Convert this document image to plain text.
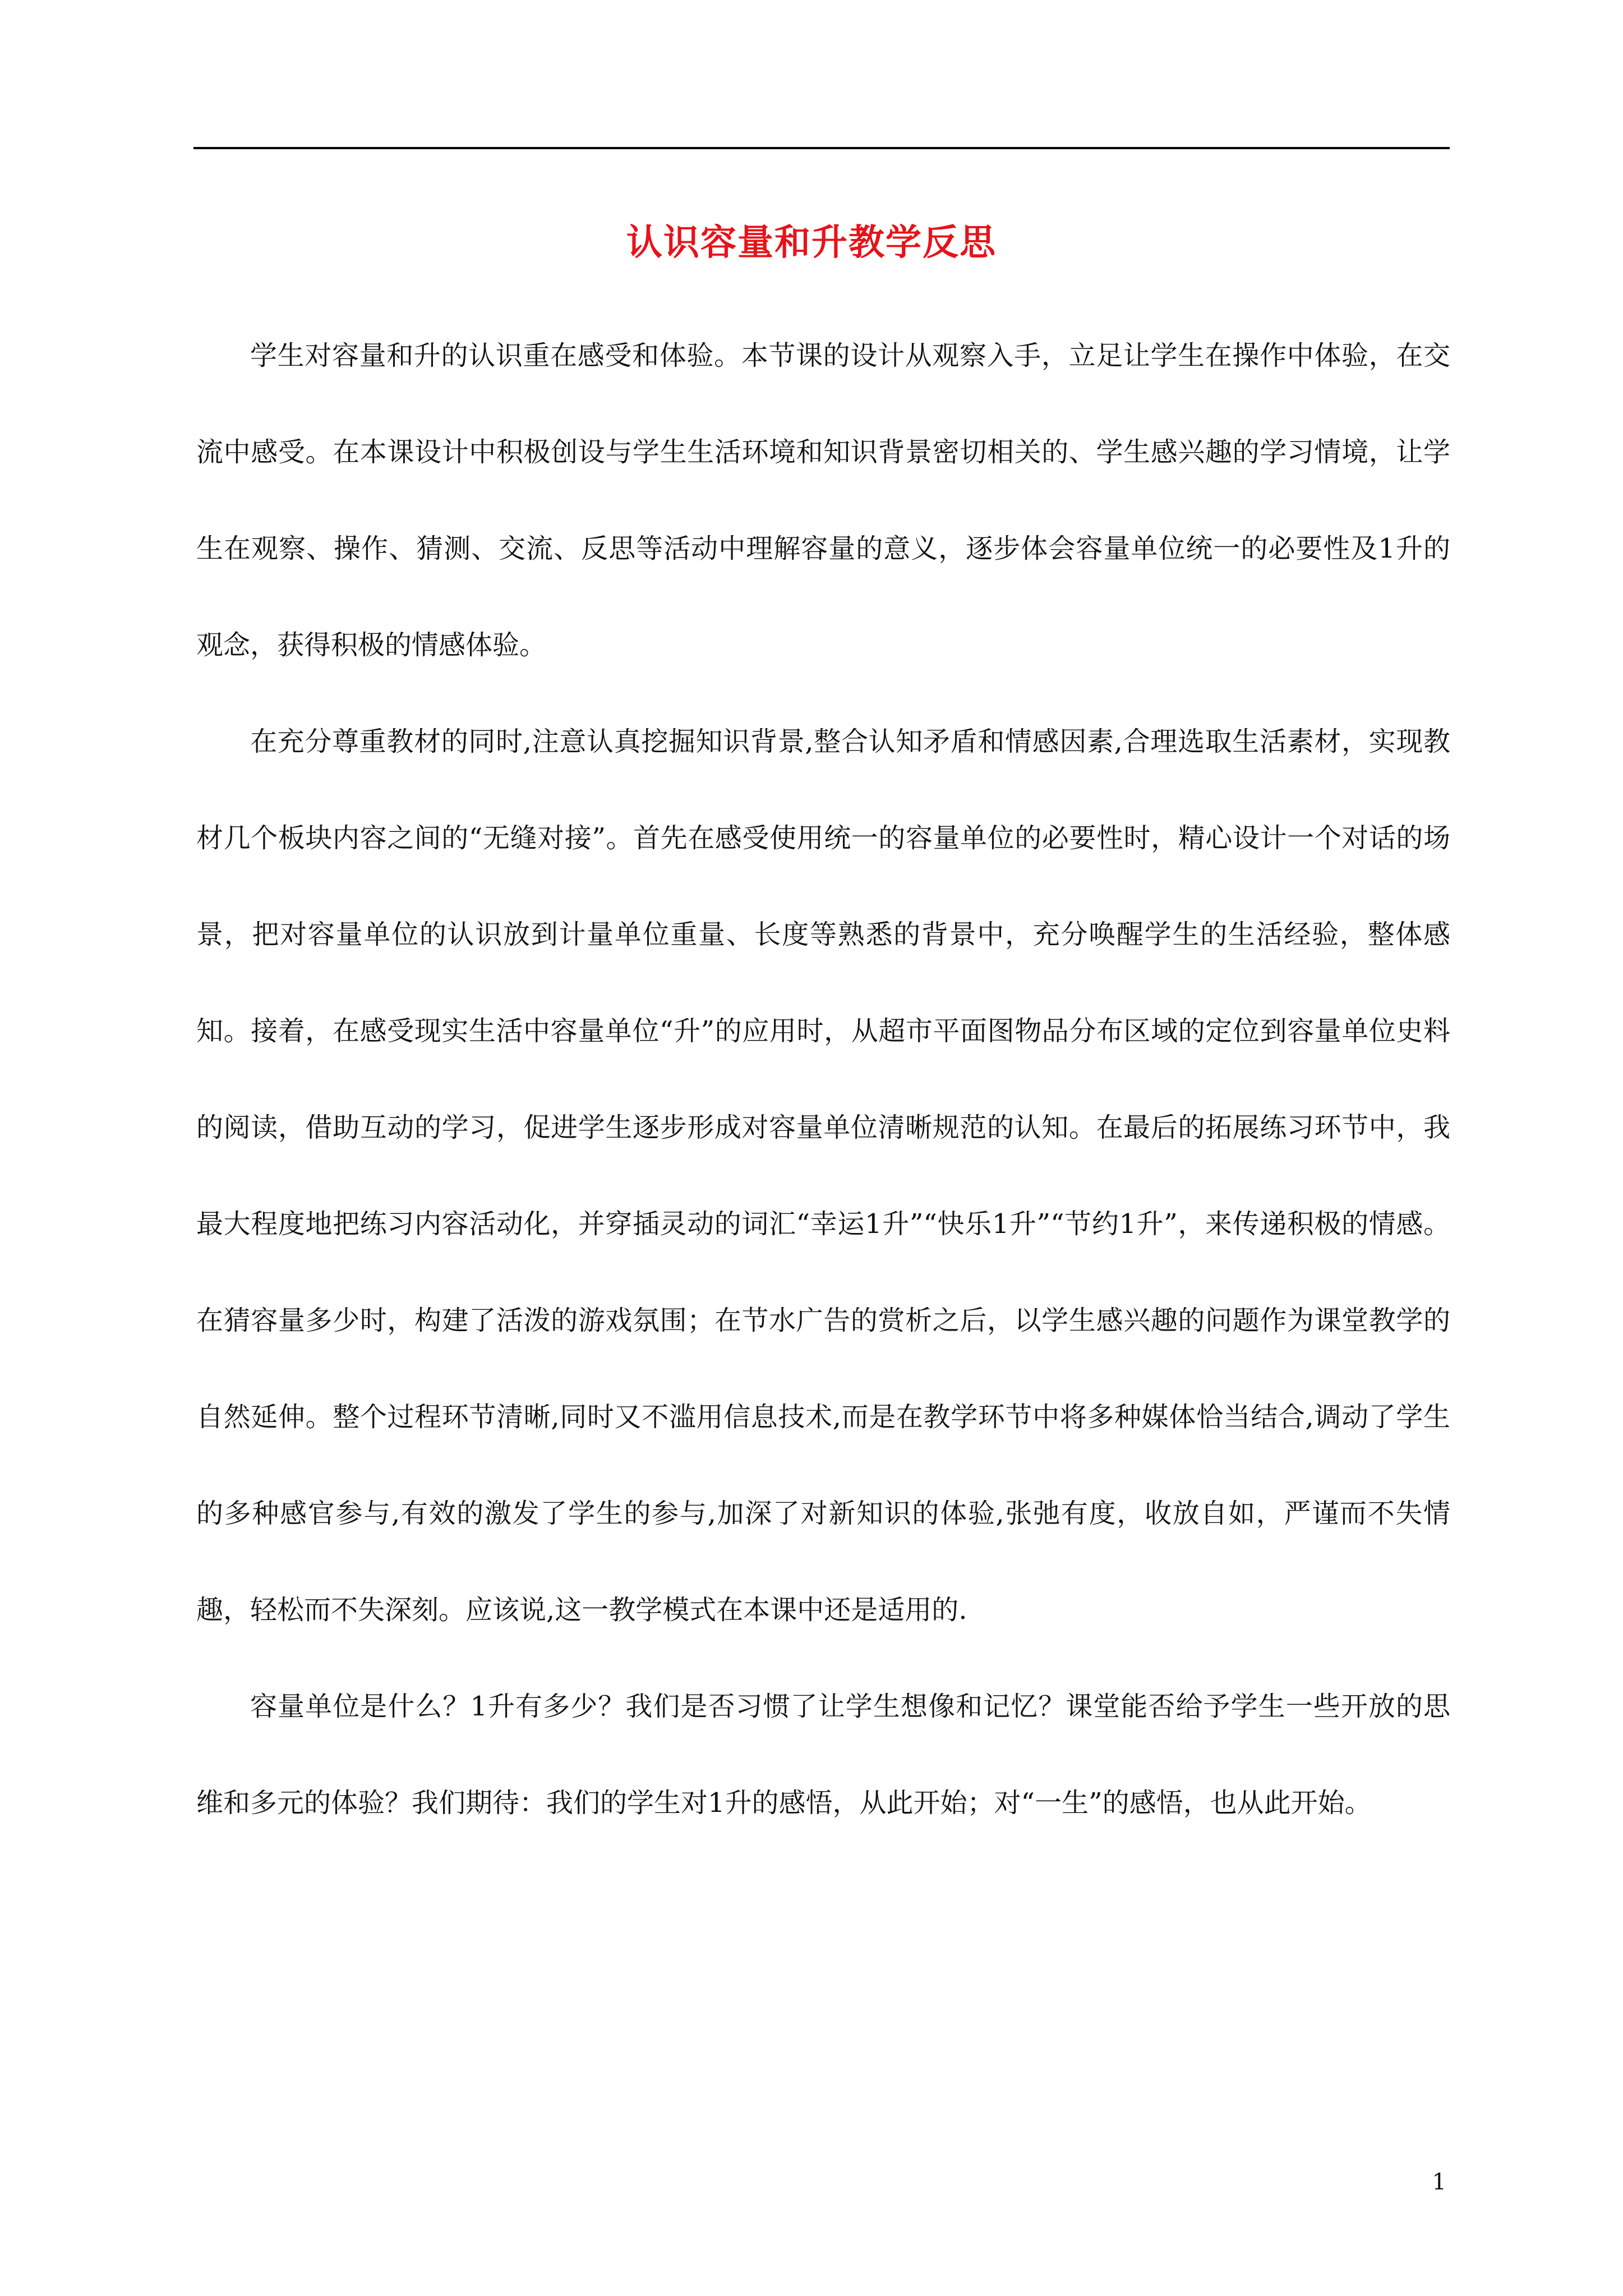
认识容量和升教学反思

学生对容量和升的认识重在感受和体验。本节课的设计从观察入手，立足让学生在操作中体验，在交流中感受。在本课设计中积极创设与学生生活环境和知识背景密切相关的、学生感兴趣的学习情境，让学生在观察、操作、猜测、交流、反思等活动中理解容量的意义，逐步体会容量单位统一的必要性及1升的观念，获得积极的情感体验。

在充分尊重教材的同时,注意认真挖掘知识背景,整合认知矛盾和情感因素,合理选取生活素材，实现教材几个板块内容之间的“无缝对接”。首先在感受使用统一的容量单位的必要性时，精心设计一个对话的场景，把对容量单位的认识放到计量单位重量、长度等熟悉的背景中，充分唤醒学生的生活经验，整体感知。接着，在感受现实生活中容量单位“升”的应用时，从超市平面图物品分布区域的定位到容量单位史料的阅读，借助互动的学习，促进学生逐步形成对容量单位清晰规范的认知。在最后的拓展练习环节中，我最大程度地把练习内容活动化，并穿插灵动的词汇“幸运1升”“快乐1升”“节约1升”，来传递积极的情感。在猜容量多少时，构建了活泼的游戏氛围；在节水广告的赏析之后，以学生感兴趣的问题作为课堂教学的自然延伸。整个过程环节清晰,同时又不滥用信息技术,而是在教学环节中将多种媒体恰当结合,调动了学生的多种感官参与,有效的激发了学生的参与,加深了对新知识的体验,张弛有度，收放自如，严谨而不失情趣，轻松而不失深刻。应该说,这一教学模式在本课中还是适用的.

容量单位是什么？1升有多少？我们是否习惯了让学生想像和记忆？课堂能否给予学生一些开放的思维和多元的体验？我们期待：我们的学生对1升的感悟，从此开始；对“一生”的感悟，也从此开始。

1
